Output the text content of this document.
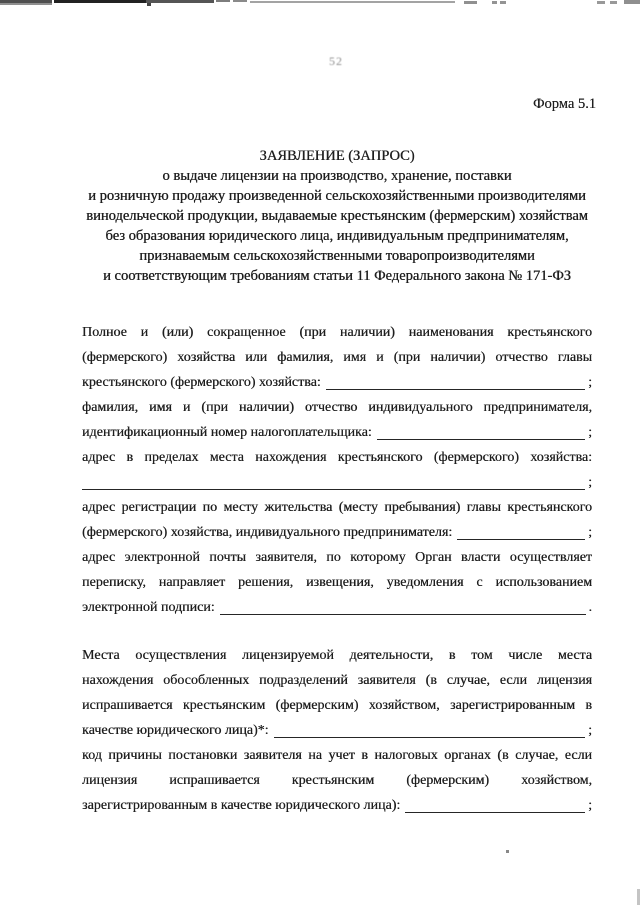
52
Форма 5.1
ЗАЯВЛЕНИЕ (ЗАПРОС)
о выдаче лицензии на производство, хранение, поставки
и розничную продажу произведенной сельскохозяйственными производителями
винодельческой продукции, выдаваемые крестьянским (фермерским) хозяйствам
без образования юридического лица, индивидуальным предпринимателям,
признаваемым сельскохозяйственными товаропроизводителями
и соответствующим требованиям статьи 11 Федерального закона № 171-ФЗ
Полное и (или) сокращенное (при наличии) наименования крестьянского
(фермерского) хозяйства или фамилия, имя и (при наличии) отчество главы
крестьянского (фермерского) хозяйства:	;
фамилия, имя и (при наличии) отчество индивидуального предпринимателя,
идентификационный номер налогоплательщика:	;
адрес в пределах места нахождения крестьянского (фермерского) хозяйства:
;
адрес регистрации по месту жительства (месту пребывания) главы крестьянского
(фермерского) хозяйства, индивидуального предпринимателя:	;
адрес электронной почты заявителя, по которому Орган власти осуществляет
переписку, направляет решения, извещения, уведомления с использованием
электронной подписи:	.
Места осуществления лицензируемой деятельности, в том числе места
нахождения обособленных подразделений заявителя (в случае, если лицензия
испрашивается крестьянским (фермерским) хозяйством, зарегистрированным в
качестве юридического лица)*:	;
код причины постановки заявителя на учет в налоговых органах (в случае, если
лицензия испрашивается крестьянским (фермерским) хозяйством,
зарегистрированным в качестве юридического лица):	;
